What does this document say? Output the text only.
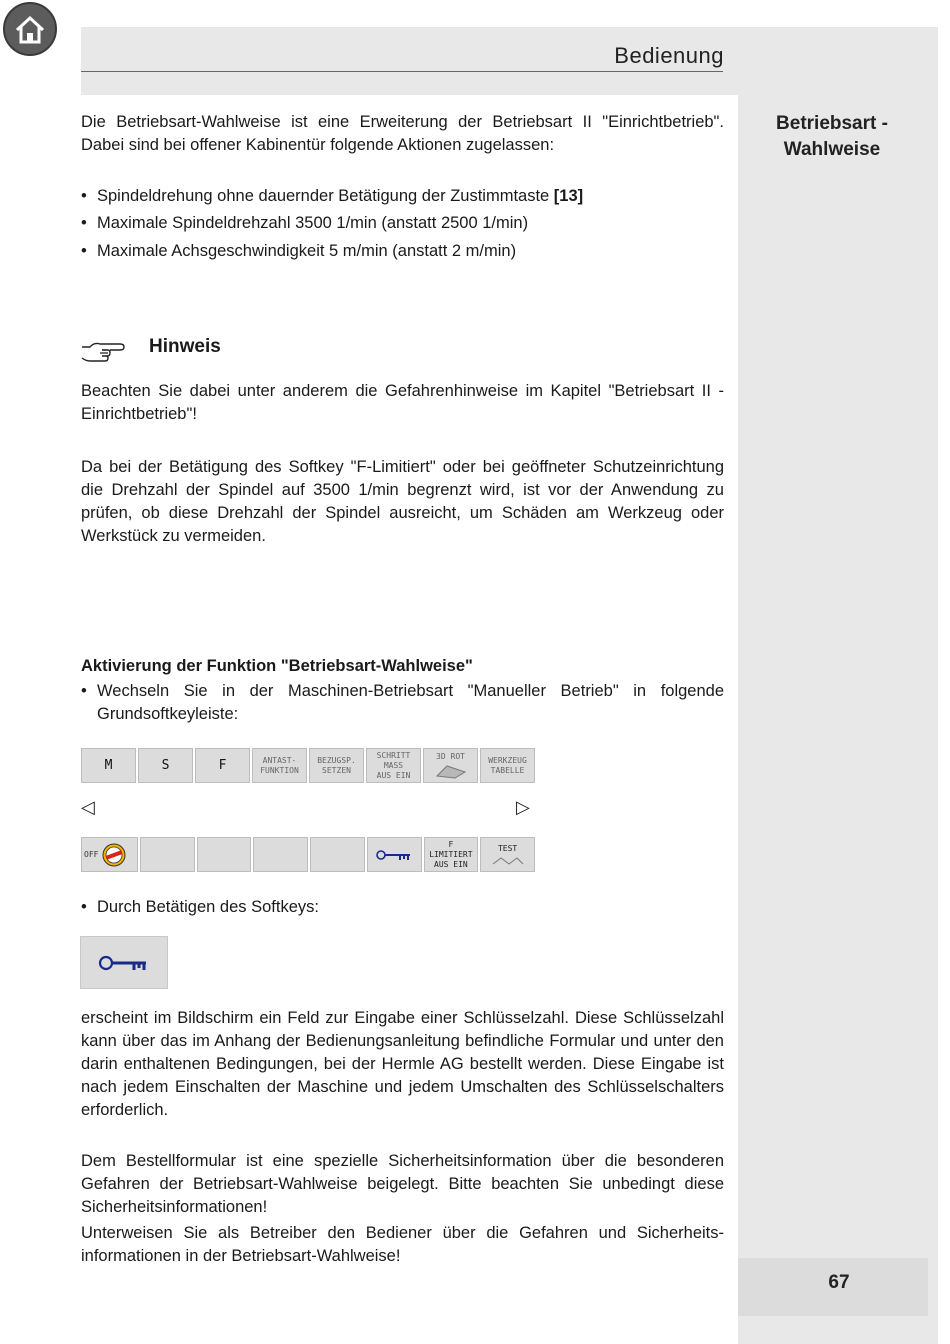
Bedienung
Betriebsart - Wahlweise
67
Die Betriebsart-Wahlweise ist eine Erweiterung der Betriebsart II "Einrichtbetrieb". Dabei sind bei offener Kabinentür folgende Aktionen zugelassen:
• Spindeldrehung ohne dauernder Betätigung der Zustimmtaste [13]
• Maximale Spindeldrehzahl 3500 1/min (anstatt 2500 1/min)
• Maximale Achsgeschwindigkeit 5 m/min (anstatt 2 m/min)
Hinweis
Beachten Sie dabei unter anderem die Gefahrenhinweise im Kapitel "Betriebsart II - Einrichtbetrieb"!
Da bei der Betätigung des Softkey "F-Limitiert" oder bei geöffneter Schutzeinrichtung die Drehzahl der Spindel auf 3500 1/min begrenzt wird, ist vor der Anwendung zu prüfen, ob diese Drehzahl der Spindel ausreicht, um Schäden am Werkzeug oder Werkstück zu vermeiden.
Aktivierung der Funktion "Betriebsart-Wahlweise"
• Wechseln Sie in der Maschinen-Betriebsart "Manueller Betrieb" in folgende Grundsoftkeyleiste:
M	S	F	ANTAST-
FUNKTION
BEZUGSP.
SETZEN
SCHRITT
MASS
AUS EIN
3D ROT	WERKZEUG
TABELLE
◁	▷
OFF
F
LIMITIERT
AUS EIN
TEST
• Durch Betätigen des Softkeys:
erscheint im Bildschirm ein Feld zur Eingabe einer Schlüsselzahl. Diese Schlüsselzahl kann über das im Anhang der Bedienungsanleitung befindliche Formular und unter den darin enthaltenen Bedingungen, bei der Hermle AG bestellt werden. Diese Eingabe ist nach jedem Einschalten der Maschine und jedem Umschalten des Schlüsselschalters erforderlich.
Dem Bestellformular ist eine spezielle Sicherheitsinformation über die besonderen Gefahren der Betriebsart-Wahlweise beigelegt. Bitte beachten Sie unbedingt diese Sicherheitsinformationen!
Unterweisen Sie als Betreiber den Bediener über die Gefahren und Sicherheits-informationen in der Betriebsart-Wahlweise!
